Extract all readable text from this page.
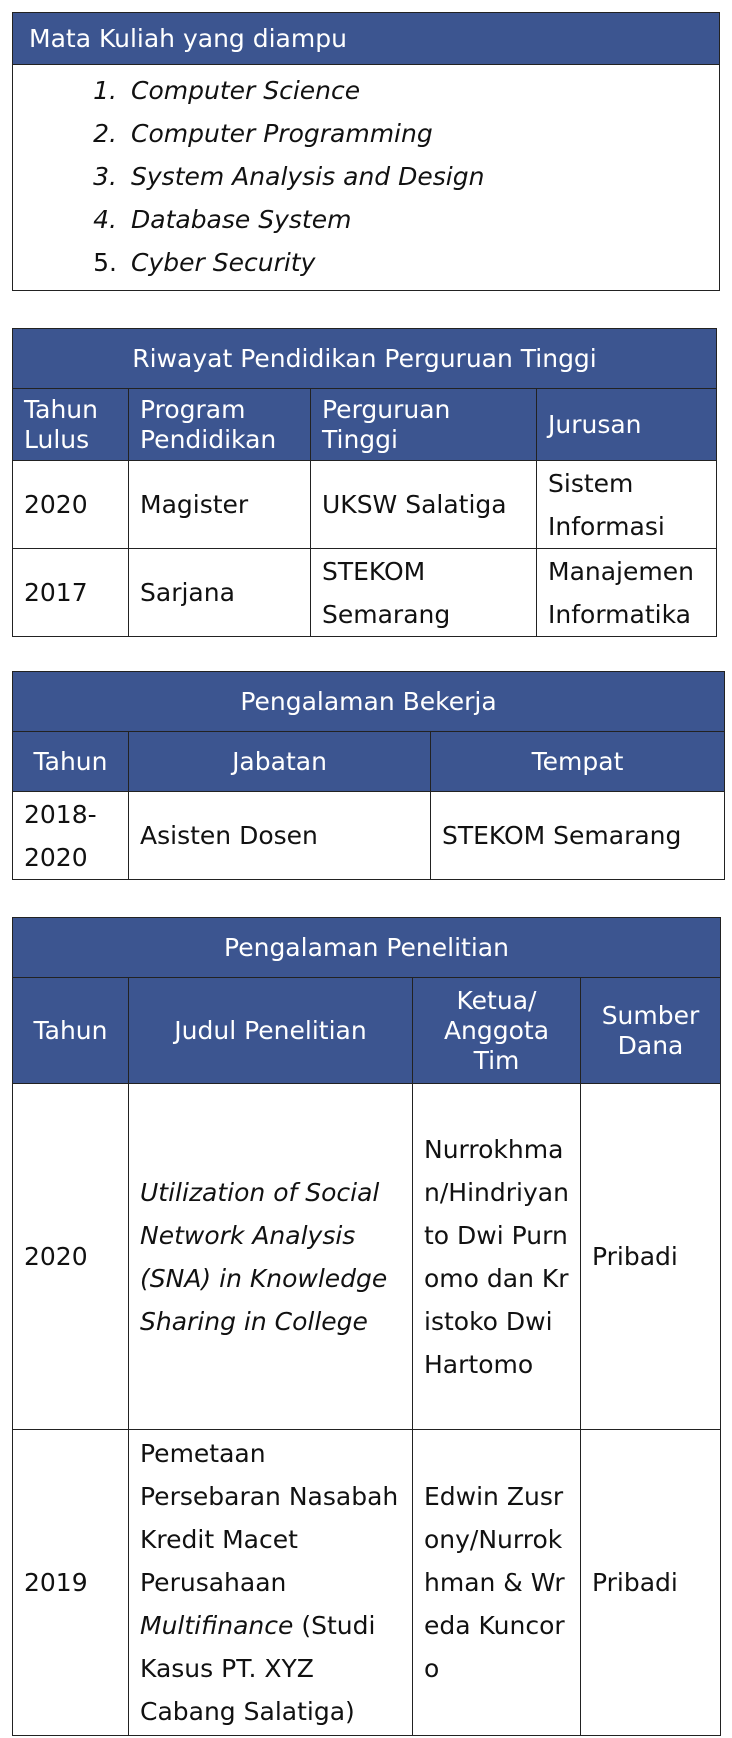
Mata Kuliah yang diampu

1. Computer Science
2. Computer Programming
3. System Analysis and Design
4. Database System
5. Cyber Security
Riwayat Pendidikan Perguruan Tinggi			
Tahun Lulus	Program Pendidikan	Perguruan Tinggi	Jurusan
2020	Magister	UKSW Salatiga	Sistem Informasi
2017	Sarjana	STEKOM Semarang	Manajemen Informatika
Pengalaman Bekerja		
Tahun	Jabatan	Tempat
2018-2020	Asisten Dosen	STEKOM Semarang
Pengalaman Penelitian			
Tahun	Judul Penelitian	Ketua/ Anggota Tim	Sumber Dana
2020	Utilization of Social Network Analysis (SNA) in Knowledge Sharing in College	Nurrokhman/Hindriyanto Dwi Purnomo dan Kristoko Dwi Hartomo	Pribadi
2019	Pemetaan Persebaran Nasabah Kredit Macet Perusahaan Multifinance (Studi Kasus PT. XYZ Cabang Salatiga)	Edwin Zusrony/Nurrokhman & Wreda Kuncoro	Pribadi
